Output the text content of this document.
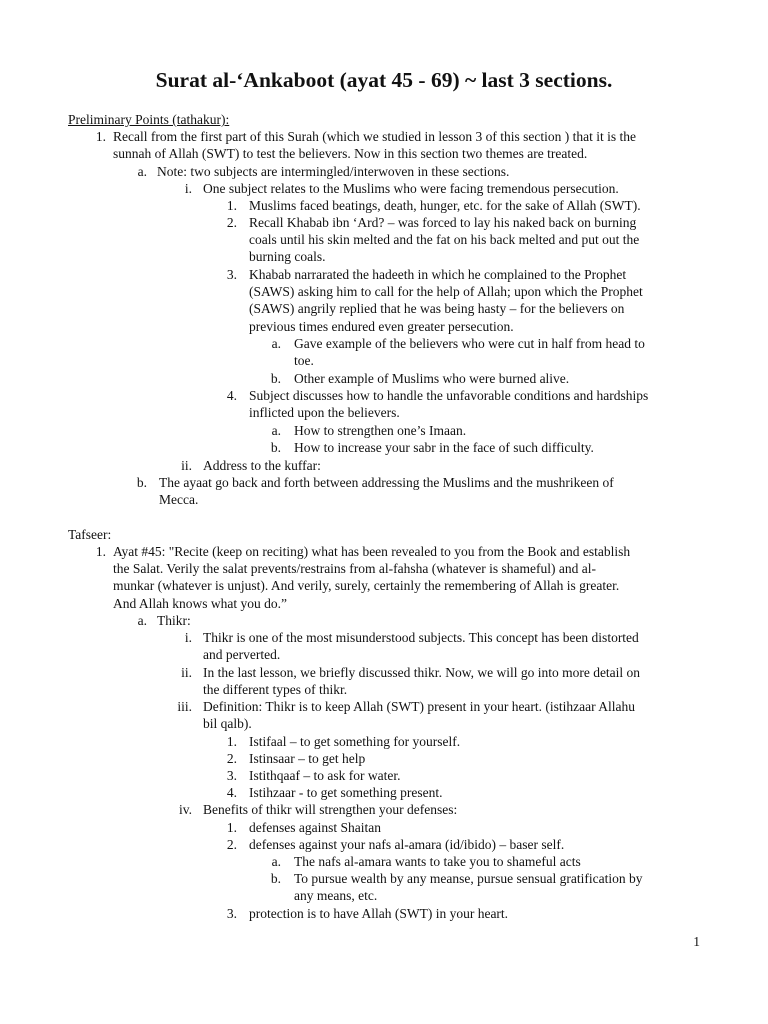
Surat al-‘Ankaboot (ayat 45 - 69) ~ last 3 sections.
Preliminary Points (tathakur):
1. Recall from the first part of this Surah (which we studied in lesson 3 of this section ) that it is the
sunnah of Allah (SWT) to test the believers. Now in this section two themes are treated.
a. Note: two subjects are intermingled/interwoven in these sections.
i. One subject relates to the Muslims who were facing tremendous persecution.
1. Muslims faced beatings, death, hunger, etc. for the sake of Allah (SWT).
2. Recall Khabab ibn ‘Ard? – was forced to lay his naked back on burning
coals until his skin melted and the fat on his back melted and put out the
burning coals.
3. Khabab narrarated the hadeeth in which he complained to the Prophet
(SAWS) asking him to call for the help of Allah; upon which the Prophet
(SAWS) angrily replied that he was being hasty – for the believers on
previous times endured even greater persecution.
a. Gave example of the believers who were cut in half from head to
toe.
b. Other example of Muslims who were burned alive.
4. Subject discusses how to handle the unfavorable conditions and hardships
inflicted upon the believers.
a. How to strengthen one’s Imaan.
b. How to increase your sabr in the face of such difficulty.
ii. Address to the kuffar:
b. The ayaat go back and forth between addressing the Muslims and the mushrikeen of
Mecca.
Tafseer:
1. Ayat #45: "Recite (keep on reciting) what has been revealed to you from the Book and establish
the Salat. Verily the salat prevents/restrains from al-fahsha (whatever is shameful) and al-
munkar (whatever is unjust). And verily, surely, certainly the remembering of Allah is greater.
And Allah knows what you do.”
a. Thikr:
i. Thikr is one of the most misunderstood subjects. This concept has been distorted
and perverted.
ii. In the last lesson, we briefly discussed thikr. Now, we will go into more detail on
the different types of thikr.
iii. Definition: Thikr is to keep Allah (SWT) present in your heart. (istihzaar Allahu
bil qalb).
1. Istifaal – to get something for yourself.
2. Istinsaar – to get help
3. Istithqaaf – to ask for water.
4. Istihzaar - to get something present.
iv. Benefits of thikr will strengthen your defenses:
1. defenses against Shaitan
2. defenses against your nafs al-amara (id/ibido) – baser self.
a. The nafs al-amara wants to take you to shameful acts
b. To pursue wealth by any meanse, pursue sensual gratification by
any means, etc.
3. protection is to have Allah (SWT) in your heart.
1
